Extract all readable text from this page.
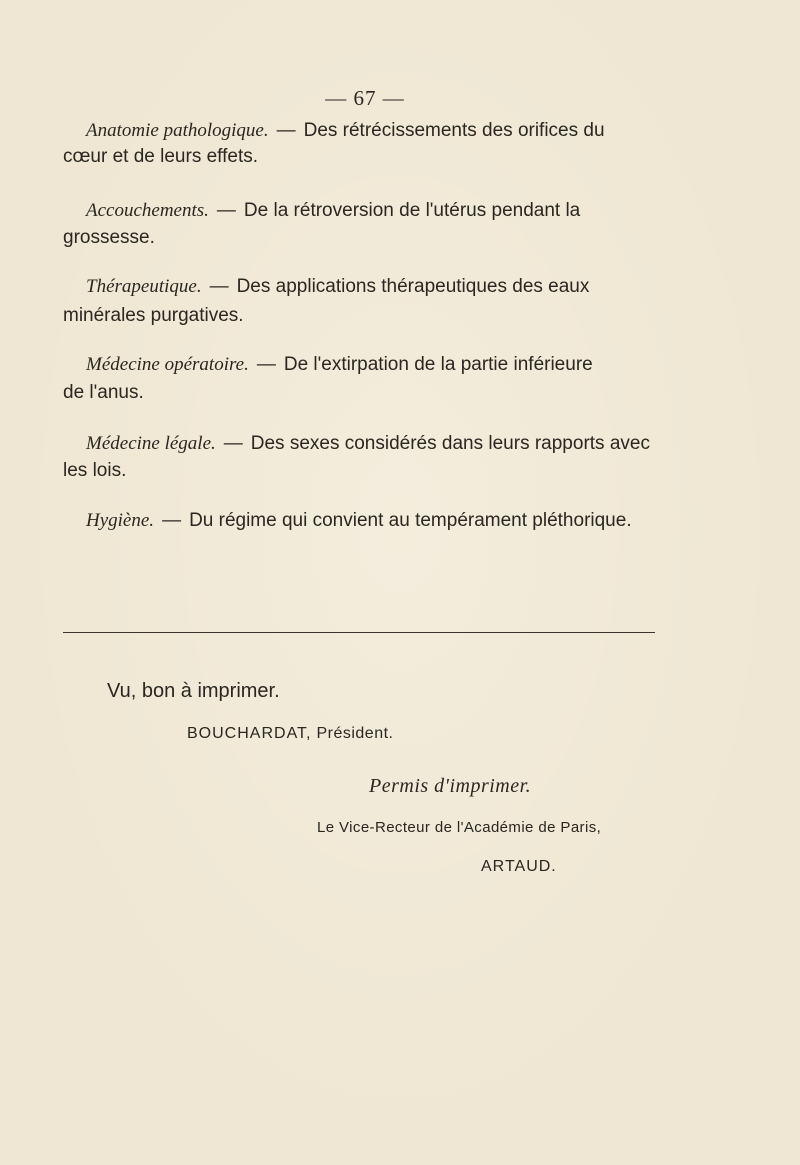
— 67 —
Anatomie pathologique. — Des rétrécissements des orifices du
cœur et de leurs effets.
Accouchements. — De la rétroversion de l'utérus pendant la
grossesse.
Thérapeutique. — Des applications thérapeutiques des eaux
minérales purgatives.
Médecine opératoire. — De l'extirpation de la partie inférieure
de l'anus.
Médecine légale. — Des sexes considérés dans leurs rapports avec
les lois.
Hygiène. — Du régime qui convient au tempérament pléthorique.
Vu, bon à imprimer.
BOUCHARDAT, Président.
Permis d'imprimer.
Le Vice-Recteur de l'Académie de Paris,
ARTAUD.
